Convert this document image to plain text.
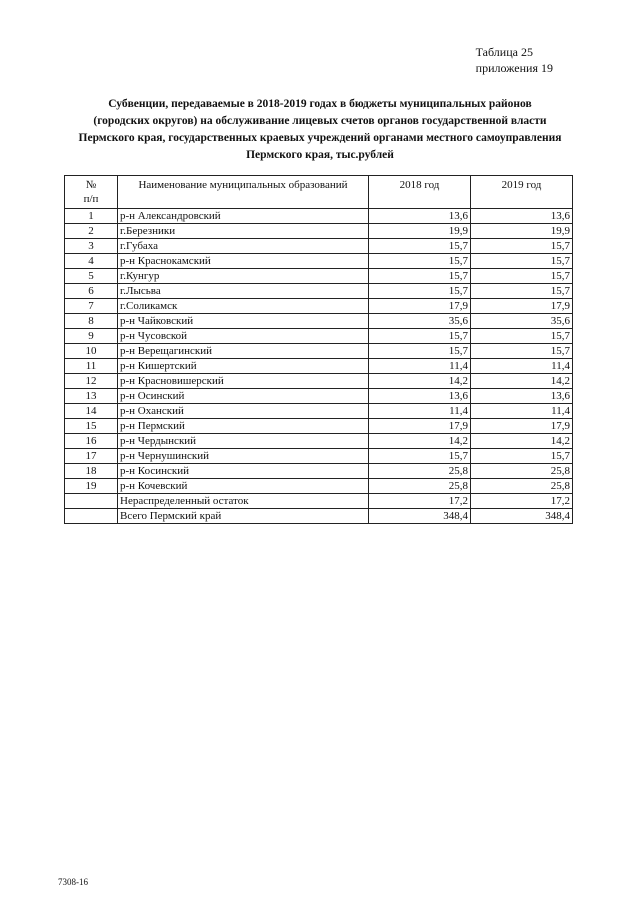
Таблица 25
приложения 19
Субвенции, передаваемые в 2018-2019 годах в бюджеты муниципальных районов
(городских округов) на обслуживание лицевых счетов органов государственной власти
Пермского края, государственных краевых учреждений органами местного самоуправления
Пермского края, тыс.рублей
№
п/п	Наименование муниципальных образований	2018 год	2019 год
1	р-н Александровский	13,6	13,6
2	г.Березники	19,9	19,9
3	г.Губаха	15,7	15,7
4	р-н Краснокамский	15,7	15,7
5	г.Кунгур	15,7	15,7
6	г.Лысьва	15,7	15,7
7	г.Соликамск	17,9	17,9
8	р-н Чайковский	35,6	35,6
9	р-н Чусовской	15,7	15,7
10	р-н Верещагинский	15,7	15,7
11	р-н Кишертский	11,4	11,4
12	р-н Красновишерский	14,2	14,2
13	р-н Осинский	13,6	13,6
14	р-н Оханский	11,4	11,4
15	р-н Пермский	17,9	17,9
16	р-н Чердынский	14,2	14,2
17	р-н Чернушинский	15,7	15,7
18	р-н Косинский	25,8	25,8
19	р-н Кочевский	25,8	25,8
	Нераспределенный остаток	17,2	17,2
	Всего Пермский край	348,4	348,4
7308-16
